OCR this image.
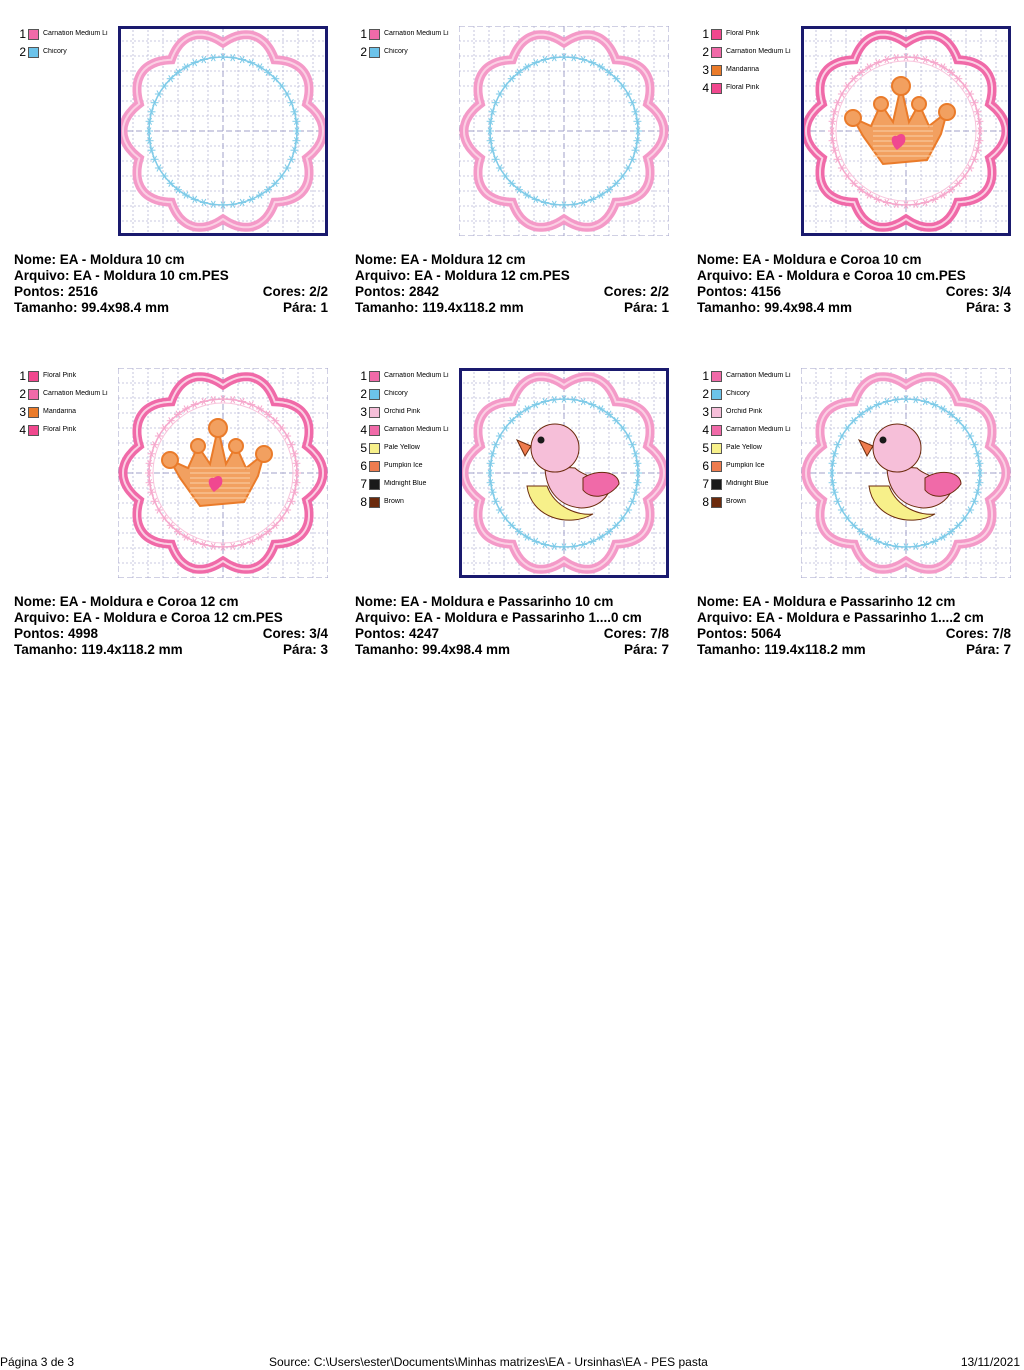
1 Carnation Medium Li
2 Chicory
Nome: EA - Moldura 10 cm
Arquivo: EA - Moldura 10 cm.PES
Pontos: 2516	Cores: 2/2
Tamanho: 99.4x98.4 mm	Pára: 1
1 Carnation Medium Li
2 Chicory
Nome: EA - Moldura 12 cm
Arquivo: EA - Moldura 12 cm.PES
Pontos: 2842	Cores: 2/2
Tamanho: 119.4x118.2 mm	Pára: 1
1 Floral Pink
2 Carnation Medium Li
3 Mandarina
4 Floral Pink
Nome: EA - Moldura e Coroa 10 cm
Arquivo: EA - Moldura e Coroa 10 cm.PES
Pontos: 4156	Cores: 3/4
Tamanho: 99.4x98.4 mm	Pára: 3
1 Floral Pink
2 Carnation Medium Li
3 Mandarina
4 Floral Pink
Nome: EA - Moldura e Coroa 12 cm
Arquivo: EA - Moldura e Coroa 12 cm.PES
Pontos: 4998	Cores: 3/4
Tamanho: 119.4x118.2 mm	Pára: 3
1 Carnation Medium Li
2 Chicory
3 Orchid Pink
4 Carnation Medium Li
5 Pale Yellow
6 Pumpkin Ice
7 Midnight Blue
8 Brown
Nome: EA - Moldura e Passarinho 10 cm
Arquivo: EA - Moldura e Passarinho 1....0 cm
Pontos: 4247	Cores: 7/8
Tamanho: 99.4x98.4 mm	Pára: 7
1 Carnation Medium Li
2 Chicory
3 Orchid Pink
4 Carnation Medium Li
5 Pale Yellow
6 Pumpkin Ice
7 Midnight Blue
8 Brown
Nome: EA - Moldura e Passarinho 12 cm
Arquivo: EA - Moldura e Passarinho 1....2 cm
Pontos: 5064	Cores: 7/8
Tamanho: 119.4x118.2 mm	Pára: 7
Página 3 de 3	Source: C:\Users\ester\Documents\Minhas matrizes\EA - Ursinhas\EA - PES pasta	13/11/2021
